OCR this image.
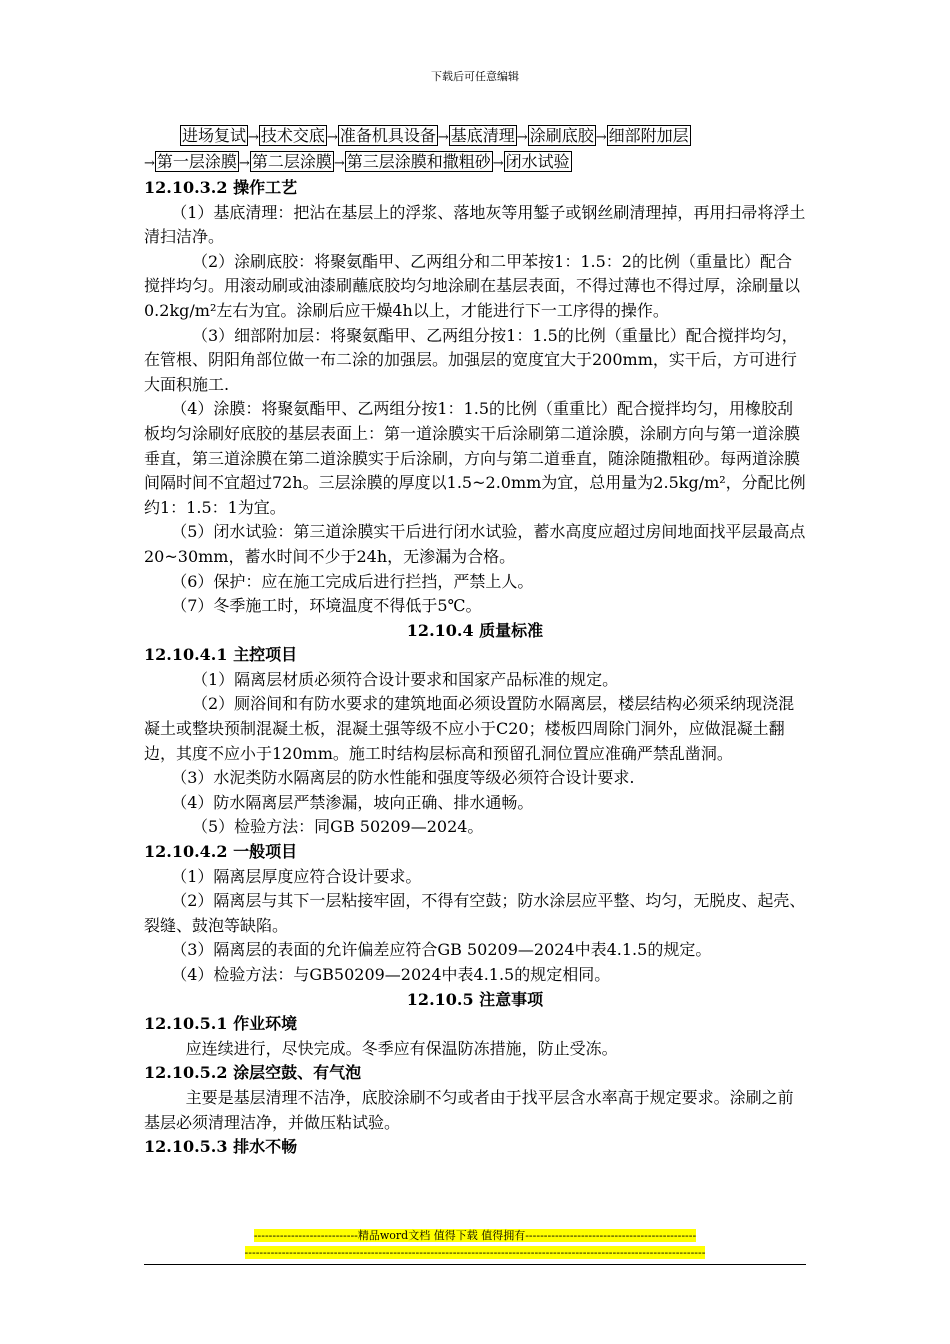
下载后可任意编辑
进场复试 → 技术交底 → 准备机具设备 → 基底清理 → 涂刷底胶 → 细部附加层
→ 第一层涂膜 → 第二层涂膜 → 第三层涂膜和撒粗砂 → 闭水试验

12.10.3.2 操作工艺

（1）基底清理：把沾在基层上的浮浆、落地灰等用錾子或钢丝刷清理掉，再用扫帚将浮土清扫洁净。

（2）涂刷底胶：将聚氨酯甲、乙两组分和二甲苯按1：1.5：2的比例（重量比）配合搅拌均匀。用滚动刷或油漆刷蘸底胶均匀地涂刷在基层表面，不得过薄也不得过厚，涂刷量以0.2kg/m²左右为宜。涂刷后应干燥4h以上，才能进行下一工序得的操作。

（3）细部附加层：将聚氨酯甲、乙两组分按1：1.5的比例（重量比）配合搅拌均匀，在管根、阴阳角部位做一布二涂的加强层。加强层的宽度宜大于200mm，实干后，方可进行大面积施工.

（4）涂膜：将聚氨酯甲、乙两组分按1：1.5的比例（重重比）配合搅拌均匀，用橡胶刮板均匀涂刷好底胶的基层表面上：第一道涂膜实干后涂刷第二道涂膜，涂刷方向与第一道涂膜垂直，第三道涂膜在第二道涂膜实于后涂刷，方向与第二道垂直，随涂随撒粗砂。每两道涂膜间隔时间不宜超过72h。三层涂膜的厚度以1.5~2.0mm为宜，总用量为2.5kg/m²，分配比例约1：1.5：1为宜。

（5）闭水试验：第三道涂膜实干后进行闭水试验，蓄水高度应超过房间地面找平层最高点20~30mm，蓄水时间不少于24h，无渗漏为合格。

（6）保护：应在施工完成后进行拦挡，严禁上人。

（7）冬季施工时，环境温度不得低于5℃。

12.10.4 质量标准

12.10.4.1 主控项目

（1）隔离层材质必须符合设计要求和国家产品标准的规定。

（2）厕浴间和有防水要求的建筑地面必须设置防水隔离层，楼层结构必须采纳现浇混凝土或整块预制混凝土板，混凝土强等级不应小于C20；楼板四周除门洞外，应做混凝土翻边，其度不应小于120mm。施工时结构层标高和预留孔洞位置应准确严禁乱凿洞。

（3）水泥类防水隔离层的防水性能和强度等级必须符合设计要求.

（4）防水隔离层严禁渗漏，坡向正确、排水通畅。

（5）检验方法：同GB 50209—2024。

12.10.4.2 一般项目

（1）隔离层厚度应符合设计要求。

（2）隔离层与其下一层粘接牢固，不得有空鼓；防水涂层应平整、均匀，无脱皮、起壳、裂缝、鼓泡等缺陷。

（3）隔离层的表面的允许偏差应符合GB 50209—2024中表4.1.5的规定。

（4）检验方法：与GB50209—2024中表4.1.5的规定相同。

12.10.5 注意事项

12.10.5.1 作业环境

应连续进行，尽快完成。冬季应有保温防冻措施，防止受冻。

12.10.5.2 涂层空鼓、有气泡

主要是基层清理不洁净，底胶涂刷不匀或者由于找平层含水率高于规定要求。涂刷之前基层必须清理洁净，并做压粘试验。

12.10.5.3 排水不畅

----------------------------精品word文档 值得下载 值得拥有----------------------------------------------
----------------------------------------------------------------------------------------------------------------------------
